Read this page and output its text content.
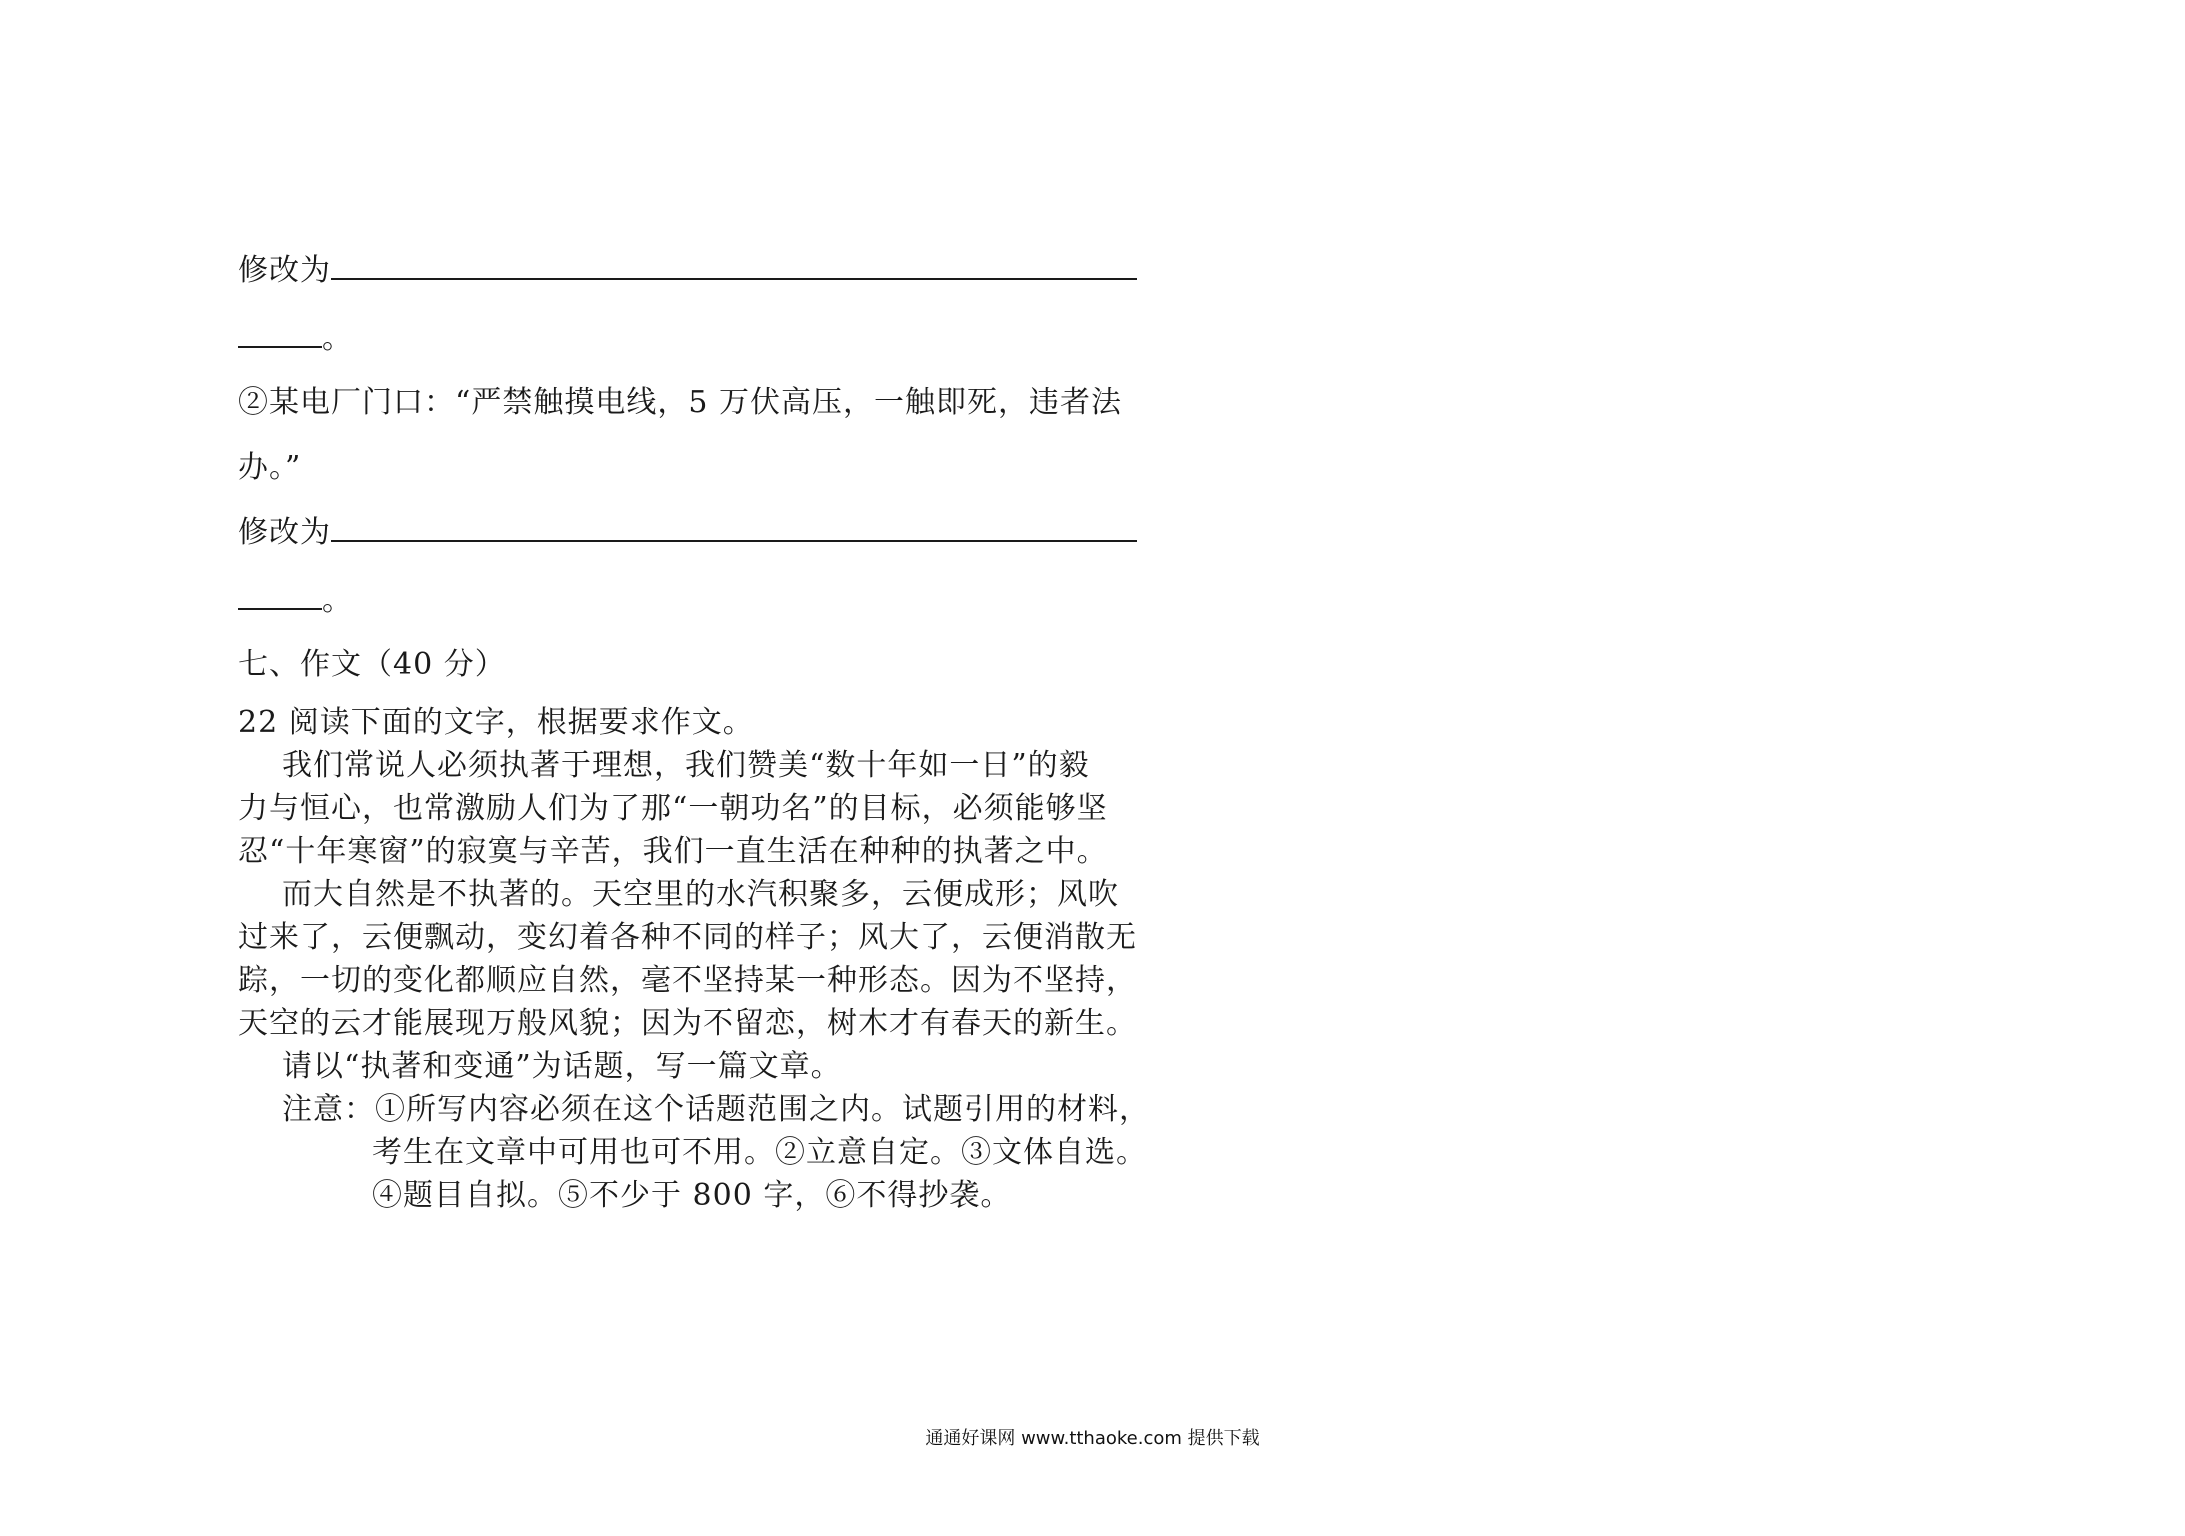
修改为
。
②某电厂门口：“严禁触摸电线，5 万伏高压，一触即死，违者法
办。”
修改为
。
七、作文（40 分）
22 阅读下面的文字，根据要求作文。
我们常说人必须执著于理想，我们赞美“数十年如一日”的毅
力与恒心，也常激励人们为了那“一朝功名”的目标，必须能够坚
忍“十年寒窗”的寂寞与辛苦，我们一直生活在种种的执著之中。
而大自然是不执著的。天空里的水汽积聚多，云便成形；风吹
过来了，云便飘动，变幻着各种不同的样子；风大了，云便消散无
踪，一切的变化都顺应自然，毫不坚持某一种形态。因为不坚持，
天空的云才能展现万般风貌；因为不留恋，树木才有春天的新生。
请以“执著和变通”为话题，写一篇文章。
注意：①所写内容必须在这个话题范围之内。试题引用的材料，
考生在文章中可用也可不用。②立意自定。③文体自选。
④题目自拟。⑤不少于 800 字，⑥不得抄袭。
通通好课网 www.tthaoke.com 提供下载
